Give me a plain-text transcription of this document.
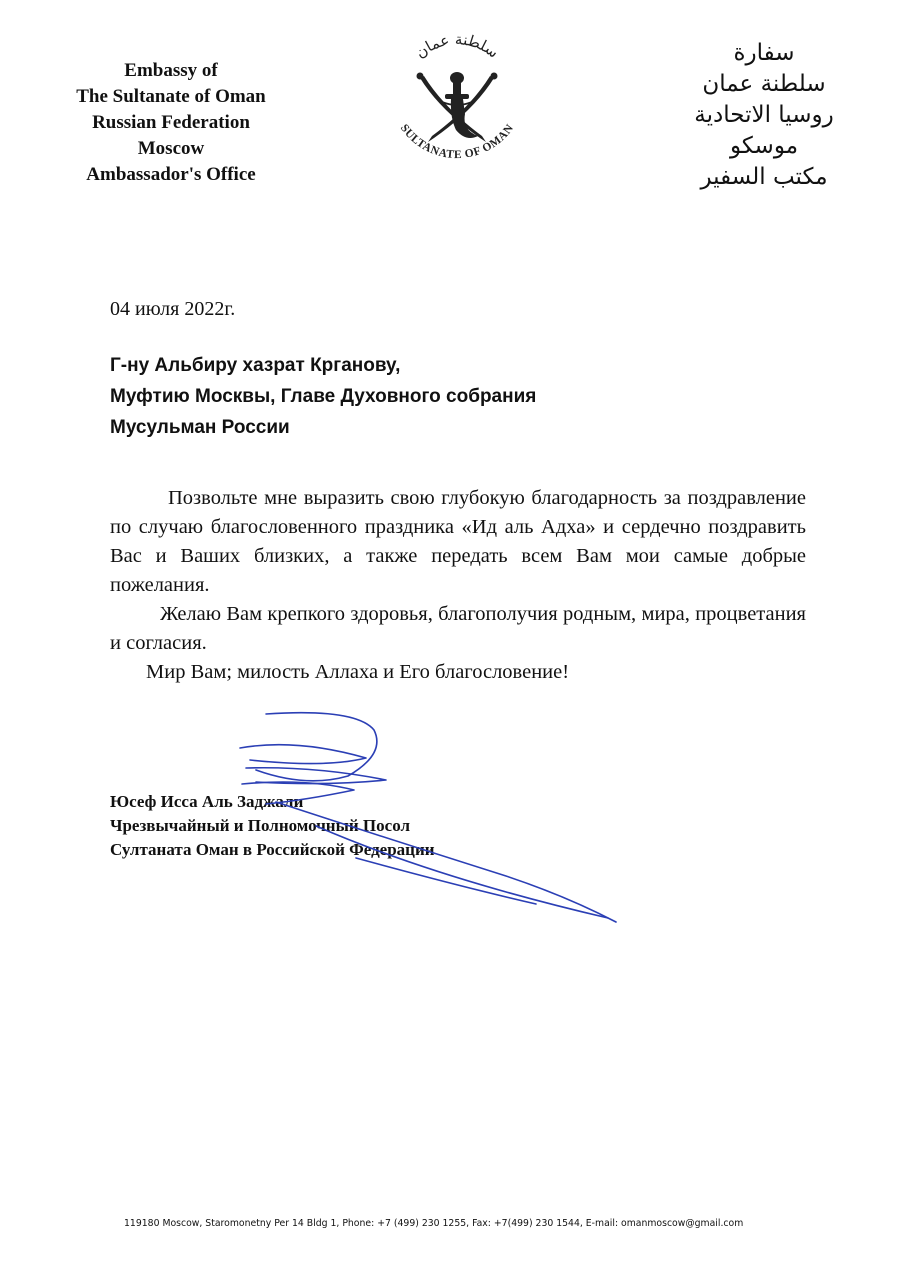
Embassy of
The Sultanate of Oman
Russian Federation
Moscow
Ambassador's Office
سلطنة عمان
SULTANATE OF OMAN
سفارة
سلطنة عمان
روسيا الاتحادية
موسكو
مكتب السفير
04 июля 2022г.
Г-ну Альбиру хазрат Крганову,
Муфтию Москвы, Главе Духовного собрания
Мусульман России

Позвольте мне выразить свою глубокую благодарность за поздравление по случаю благословенного праздника «Ид аль Адха» и сердечно поздравить Вас и Ваших близких, а также передать всем Вам мои самые добрые пожелания.

Желаю Вам крепкого здоровья, благополучия родным, мира, процветания и согласия.

Мир Вам; милость Аллаха и Его благословение!

Юсеф Исса Аль Заджали
Чрезвычайный и Полномочный Посол
Султаната Оман в Российской Федерации
119180 Moscow, Staromonetny Per 14 Bldg 1, Phone: +7 (499) 230 1255, Fax: +7(499) 230 1544, E-mail: omanmoscow@gmail.com
